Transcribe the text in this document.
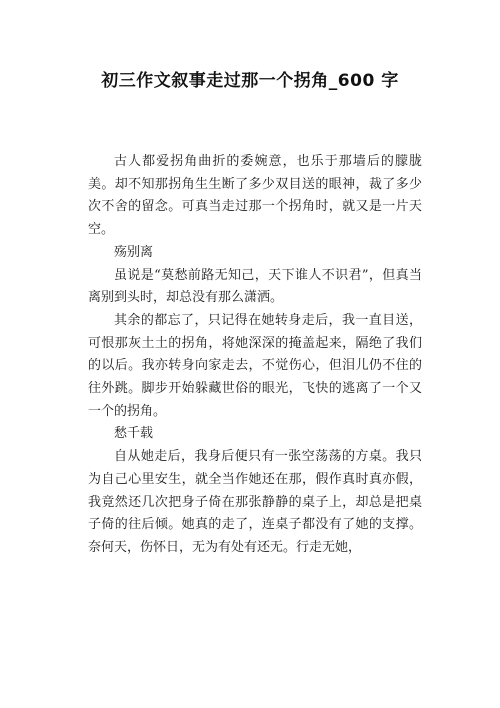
初三作文叙事走过那一个拐角_600 字

古人都爱拐角曲折的委婉意，也乐于那墙后的朦胧美。却不知那拐角生生断了多少双目送的眼神，裁了多少次不舍的留念。可真当走过那一个拐角时，就又是一片天空。

殇别离

虽说是“莫愁前路无知己，天下谁人不识君”，但真当离别到头时，却总没有那么潇洒。

其余的都忘了，只记得在她转身走后，我一直目送，可恨那灰土土的拐角，将她深深的掩盖起来，隔绝了我们的以后。我亦转身向家走去，不觉伤心，但泪儿仍不住的往外跳。脚步开始躲藏世俗的眼光，飞快的逃离了一个又一个的拐角。

愁千载

自从她走后，我身后便只有一张空荡荡的方桌。我只为自己心里安生，就全当作她还在那，假作真时真亦假，我竟然还几次把身子倚在那张静静的桌子上，却总是把桌子倚的往后倾。她真的走了，连桌子都没有了她的支撑。奈何天，伤怀日，无为有处有还无。行走无她，
